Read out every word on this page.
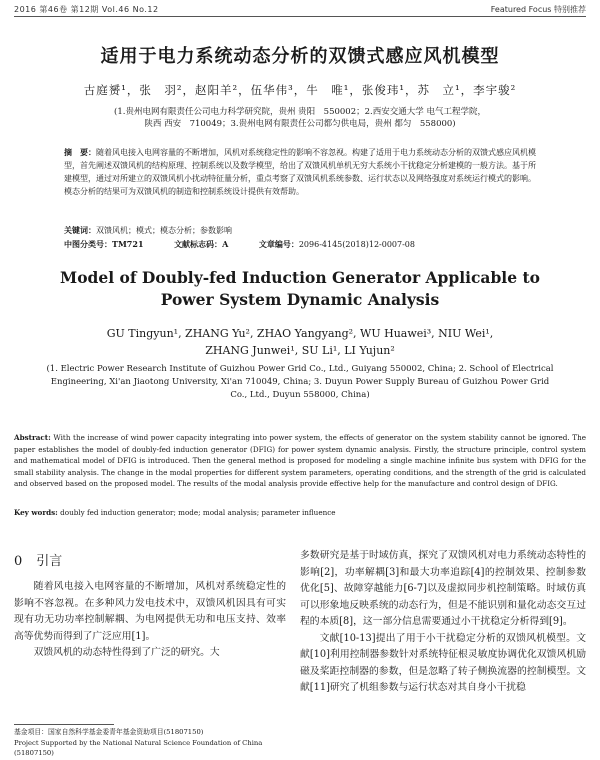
2016 第46卷 第12期 Vol.46 No.12	Featured Focus 特别推荐
适用于电力系统动态分析的双馈式感应风机模型
古庭赟¹，张　羽²，赵阳羊²，伍华伟³，牛　唯¹，张俊玮¹，苏　立¹，李宇骏²
(1.贵州电网有限责任公司电力科学研究院，贵州 贵阳　550002；2.西安交通大学 电气工程学院，
陕西 西安　710049；3.贵州电网有限责任公司都匀供电局，贵州 都匀　558000)
摘　要：随着风电接入电网容量的不断增加，风机对系统稳定性的影响不容忽视。构建了适用于电力系统动态分析的双馈式感应风机模型，首先阐述双馈风机的结构原理、控制系统以及数学模型，给出了双馈风机单机无穷大系统小干扰稳定分析建模的一般方法。基于所建模型，通过对所建立的双馈风机小扰动特征量分析，重点考察了双馈风机系统参数、运行状态以及网络强度对系统运行模式的影响。模态分析的结果可为双馈风机的制造和控制系统设计提供有效帮助。
关键词：双馈风机；模式；模态分析；参数影响
中图分类号：TM721	文献标志码：A	文章编号：2096-4145(2018)12-0007-08
Model of Doubly-fed Induction Generator Applicable to Power System Dynamic Analysis
GU Tingyun¹, ZHANG Yu², ZHAO Yangyang², WU Huawei³, NIU Wei¹,
ZHANG Junwei¹, SU Li¹, LI Yujun²
(1. Electric Power Research Institute of Guizhou Power Grid Co., Ltd., Guiyang 550002, China; 2. School of Electrical Engineering, Xi'an Jiaotong University, Xi'an 710049, China; 3. Duyun Power Supply Bureau of Guizhou Power Grid Co., Ltd., Duyun 558000, China)
Abstract: With the increase of wind power capacity integrating into power system, the effects of generator on the system stability cannot be ignored. The paper establishes the model of doubly-fed induction generator (DFIG) for power system dynamic analysis. Firstly, the structure principle, control system and mathematical model of DFIG is introduced. Then the general method is proposed for modeling a single machine infinite bus system with DFIG for the small stability analysis. The change in the modal properties for different system parameters, operating conditions, and the strength of the grid is calculated and observed based on the proposed model. The results of the modal analysis provide effective help for the manufacture and control design of DFIG.
Key words: doubly fed induction generator; mode; modal analysis; parameter influence
0 引言

随着风电接入电网容量的不断增加，风机对系统稳定性的影响不容忽视。在多种风力发电技术中，双馈风机因具有可实现有功无功功率控制解耦、为电网提供无功和电压支持、效率高等优势而得到了广泛应用[1]。

双馈风机的动态特性得到了广泛的研究。大

多数研究是基于时域仿真，探究了双馈风机对电力系统动态特性的影响[2]，功率解耦[3]和最大功率追踪[4]的控制效果、控制参数优化[5]、故障穿越能力[6-7]以及虚拟同步机控制策略。时域仿真可以形象地反映系统的动态行为，但是不能识别和量化动态交互过程的本质[8]，这一部分信息需要通过小干扰稳定分析得到[9]。

文献[10-13]提出了用于小干扰稳定分析的双馈风机模型。文献[10]利用控制器参数针对系统特征根灵敏度协调优化双馈风机励磁及桨距控制器的参数，但是忽略了转子侧换流器的控制模型。文献[11]研究了机组参数与运行状态对其自身小干扰稳

基金项目：国家自然科学基金委青年基金资助项目(51807150)
Project Supported by the National Natural Science Foundation of China (51807150)
